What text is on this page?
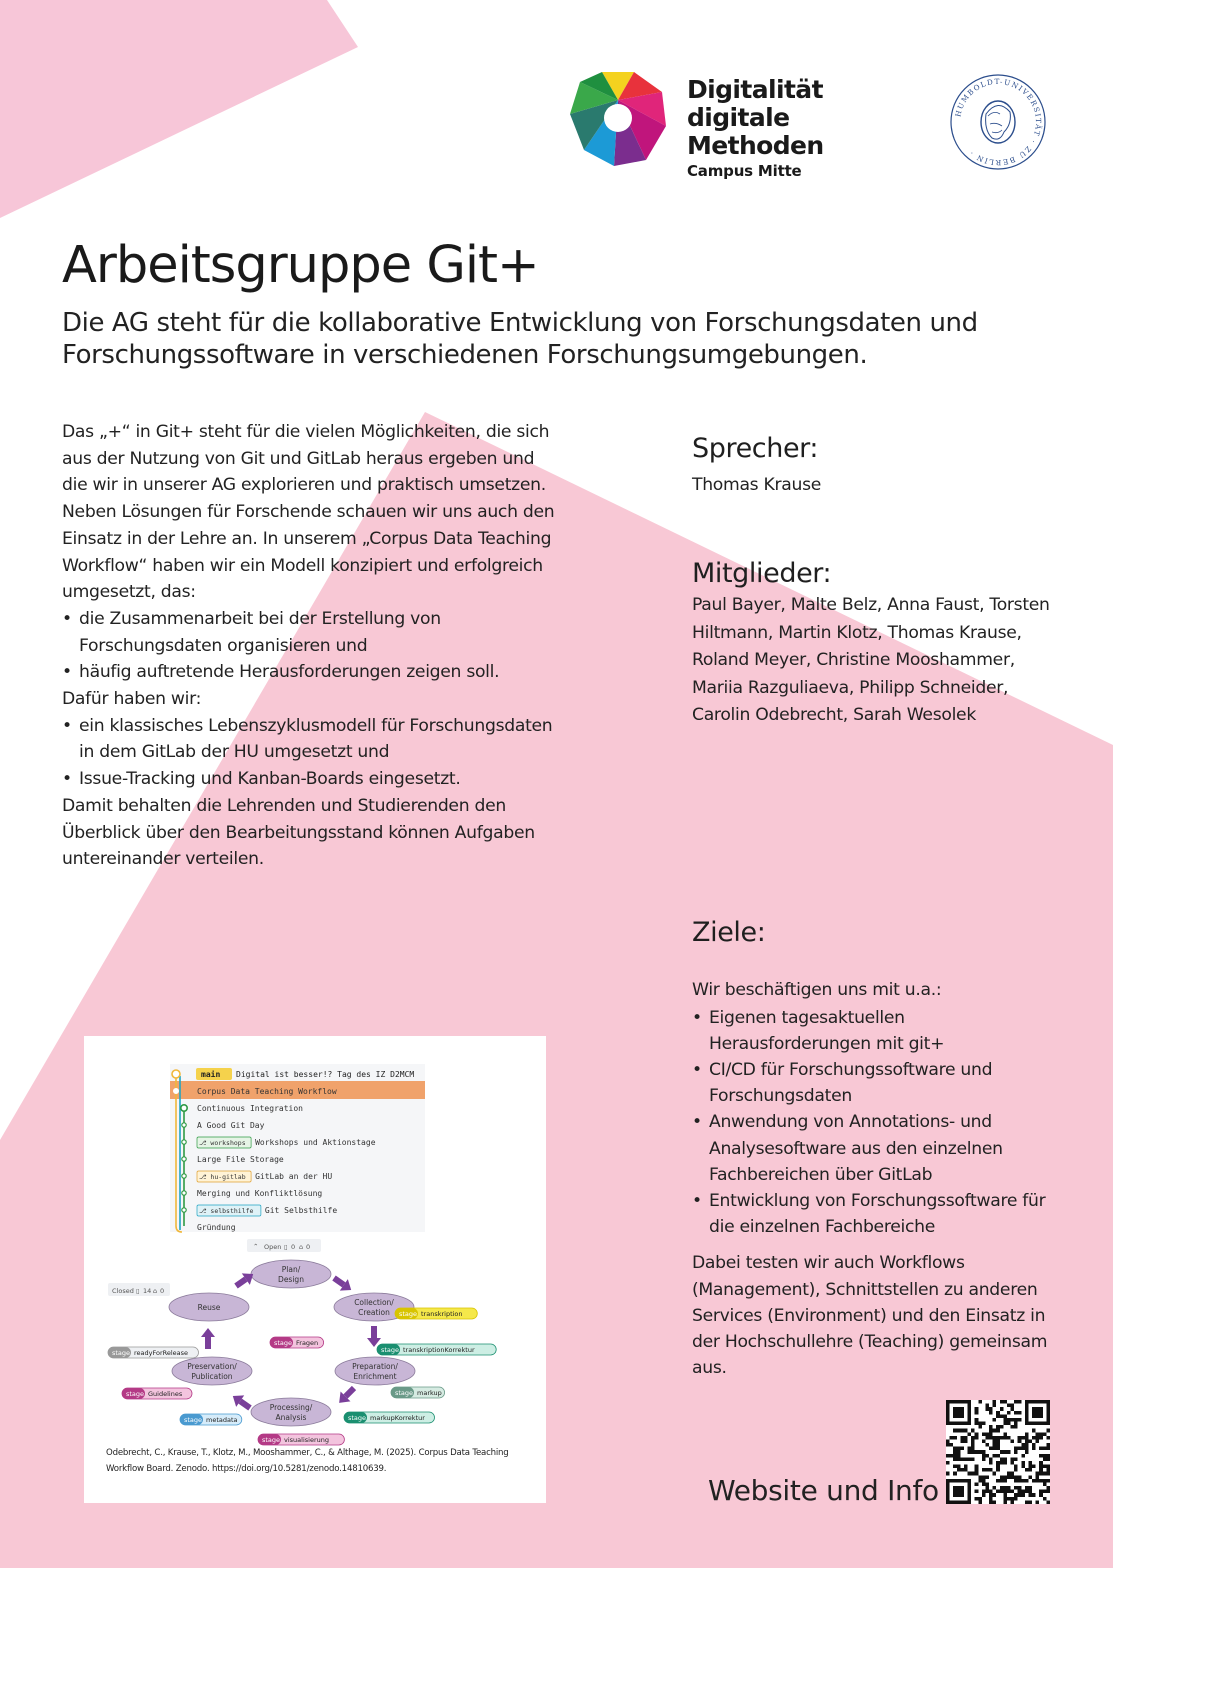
Digitalität
digitale Methoden
Campus Mitte
HUMBOLDT-UNIVERSITÄT · ZU BERLIN ·
Arbeitsgruppe Git+

Die AG steht für die kollaborative Entwicklung von Forschungsdaten und Forschungssoftware in verschiedenen Forschungsumgebungen.

Das „+“ in Git+ steht für die vielen Möglichkeiten, die sich aus der Nutzung von Git und GitLab heraus ergeben und die wir in unserer AG explorieren und praktisch umsetzen. Neben Lösungen für Forschende schauen wir uns auch den Einsatz in der Lehre an. In unserem „Corpus Data Teaching Workflow“ haben wir ein Modell konzipiert und erfolgreich umgesetzt, das:

• die Zusammenarbeit bei der Erstellung von Forschungsdaten organisieren und
• häufig auftretende Herausforderungen zeigen soll.

Dafür haben wir:

• ein klassisches Lebenszyklusmodell für Forschungsdaten in dem GitLab der HU umgesetzt und
• Issue-Tracking und Kanban-Boards eingesetzt.

Damit behalten die Lehrenden und Studierenden den Überblick über den Bearbeitungsstand können Aufgaben untereinander verteilen.

Sprecher:
Thomas Krause
Mitglieder:
Paul Bayer, Malte Belz, Anna Faust, Torsten Hiltmann, Martin Klotz, Thomas Krause, Roland Meyer, Christine Mooshammer, Mariia Razguliaeva, Philipp Schneider, Carolin Odebrecht, Sarah Wesolek
Ziele:
Wir beschäftigen uns mit u.a.:
• Eigenen tagesaktuellen Herausforderungen mit git+
• CI/CD für Forschungssoftware und Forschungsdaten
• Anwendung von Annotations- und Analysesoftware aus den einzelnen Fachbereichen über GitLab
• Entwicklung von Forschungssoftware für die einzelnen Fachbereiche
Dabei testen wir auch Workflows (Management), Schnittstellen zu anderen Services (Environment) und den Einsatz in der Hochschullehre (Teaching) gemeinsam aus.
main Digital ist besser!? Tag des IZ D2MCM
Corpus Data Teaching Workflow
Continuous Integration
A Good Git Day
⎇ workshops Workshops und Aktionstage
Large File Storage
⎇ hu-gitlab GitLab an der HU
Merging und Konfliktlösung
⎇ selbsthilfe Git Selbsthilfe
Gründung
⌃ Open ▯ 0 ⌂ 0
Closed ▯ 14 ⌂ 0
Plan/
Design
Collection/
Creation
Preparation/
Enrichment
Processing/
Analysis
Preservation/
Publication
Reuse
stage transkription
stage Fragen
stage transkriptionKorrektur
stage readyForRelease
stage Guidelines	stage markup
stage metadata	stage markupKorrektur
stage visualisierung
Odebrecht, C., Krause, T., Klotz, M., Mooshammer, C., & Althage, M. (2025). Corpus Data Teaching
Workflow Board. Zenodo. https://doi.org/10.5281/zenodo.14810639.
Website und Info
